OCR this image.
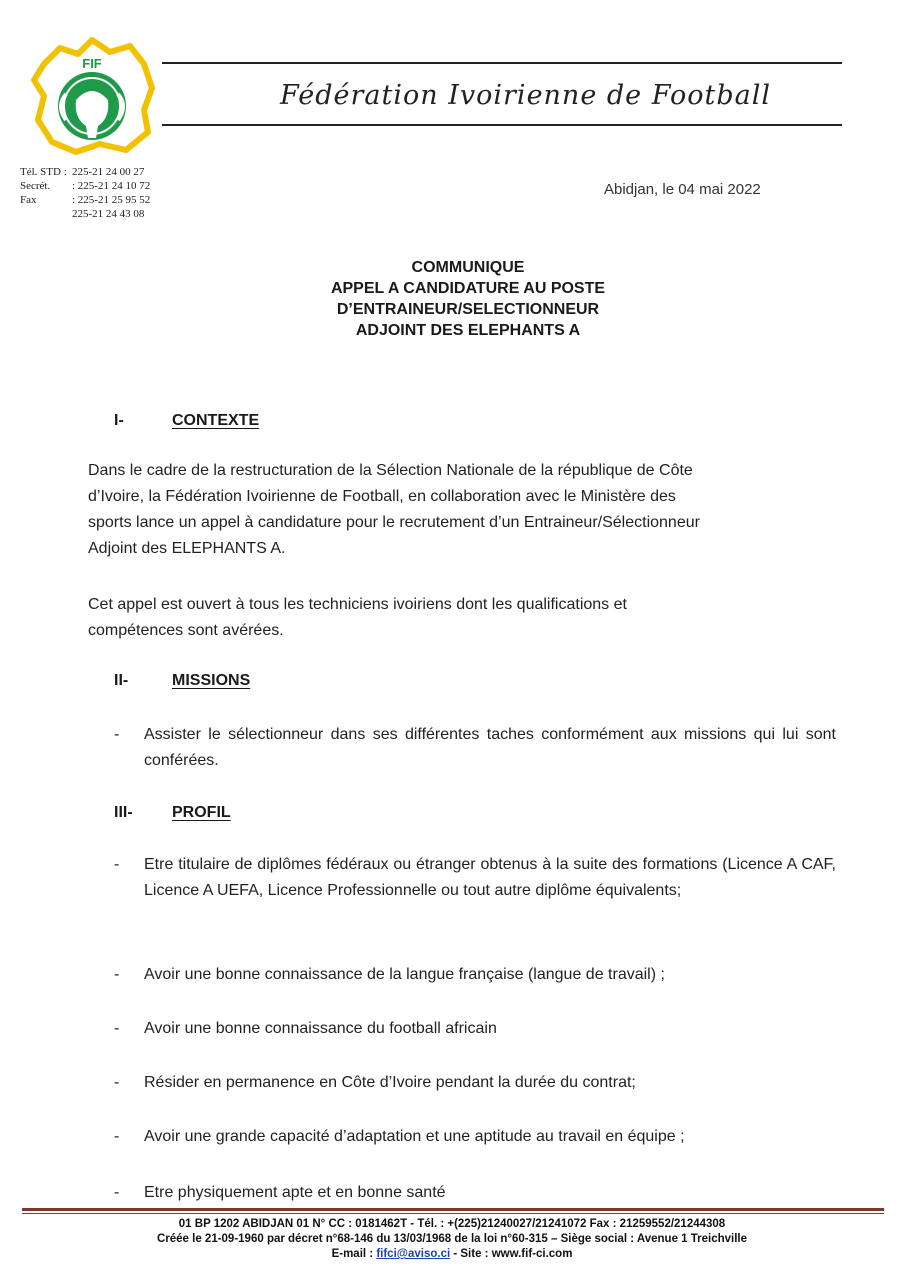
FIF
Fédération Ivoirienne de Football
Tél. STD : 225-21 24 00 27
Secrét.	: 225-21 24 10 72
Fax	: 225-21 25 95 52
225-21 24 43 08
Abidjan, le 04 mai 2022
COMMUNIQUE
APPEL A CANDIDATURE AU POSTE
D’ENTRAINEUR/SELECTIONNEUR
ADJOINT DES ELEPHANTS A
I-	CONTEXTE
Dans le cadre de la restructuration de la Sélection Nationale de la république de Côte
d’Ivoire, la Fédération Ivoirienne de Football, en collaboration avec le Ministère des
sports lance un appel à candidature pour le recrutement d’un Entraineur/Sélectionneur
Adjoint des ELEPHANTS A.
Cet appel est ouvert à tous les techniciens ivoiriens dont les qualifications et
compétences sont avérées.
II-	MISSIONS
- Assister le sélectionneur dans ses différentes taches conformément aux missions qui lui sont conférées.
III- PROFIL
- Etre titulaire de diplômes fédéraux ou étranger obtenus à la suite des formations (Licence A CAF, Licence A UEFA, Licence Professionnelle ou tout autre diplôme équivalents;
- Avoir une bonne connaissance de la langue française (langue de travail) ;
- Avoir une bonne connaissance du football africain
- Résider en permanence en Côte d’Ivoire pendant la durée du contrat;
- Avoir une grande capacité d’adaptation et une aptitude au travail en équipe ;
- Etre physiquement apte et en bonne santé
01 BP 1202 ABIDJAN 01 N° CC : 0181462T - Tél. : +(225)21240027/21241072 Fax : 21259552/21244308
Créée le 21-09-1960 par décret n°68-146 du 13/03/1968 de la loi n°60-315 – Siège social : Avenue 1 Treichville
E-mail : fifci@aviso.ci - Site : www.fif-ci.com
